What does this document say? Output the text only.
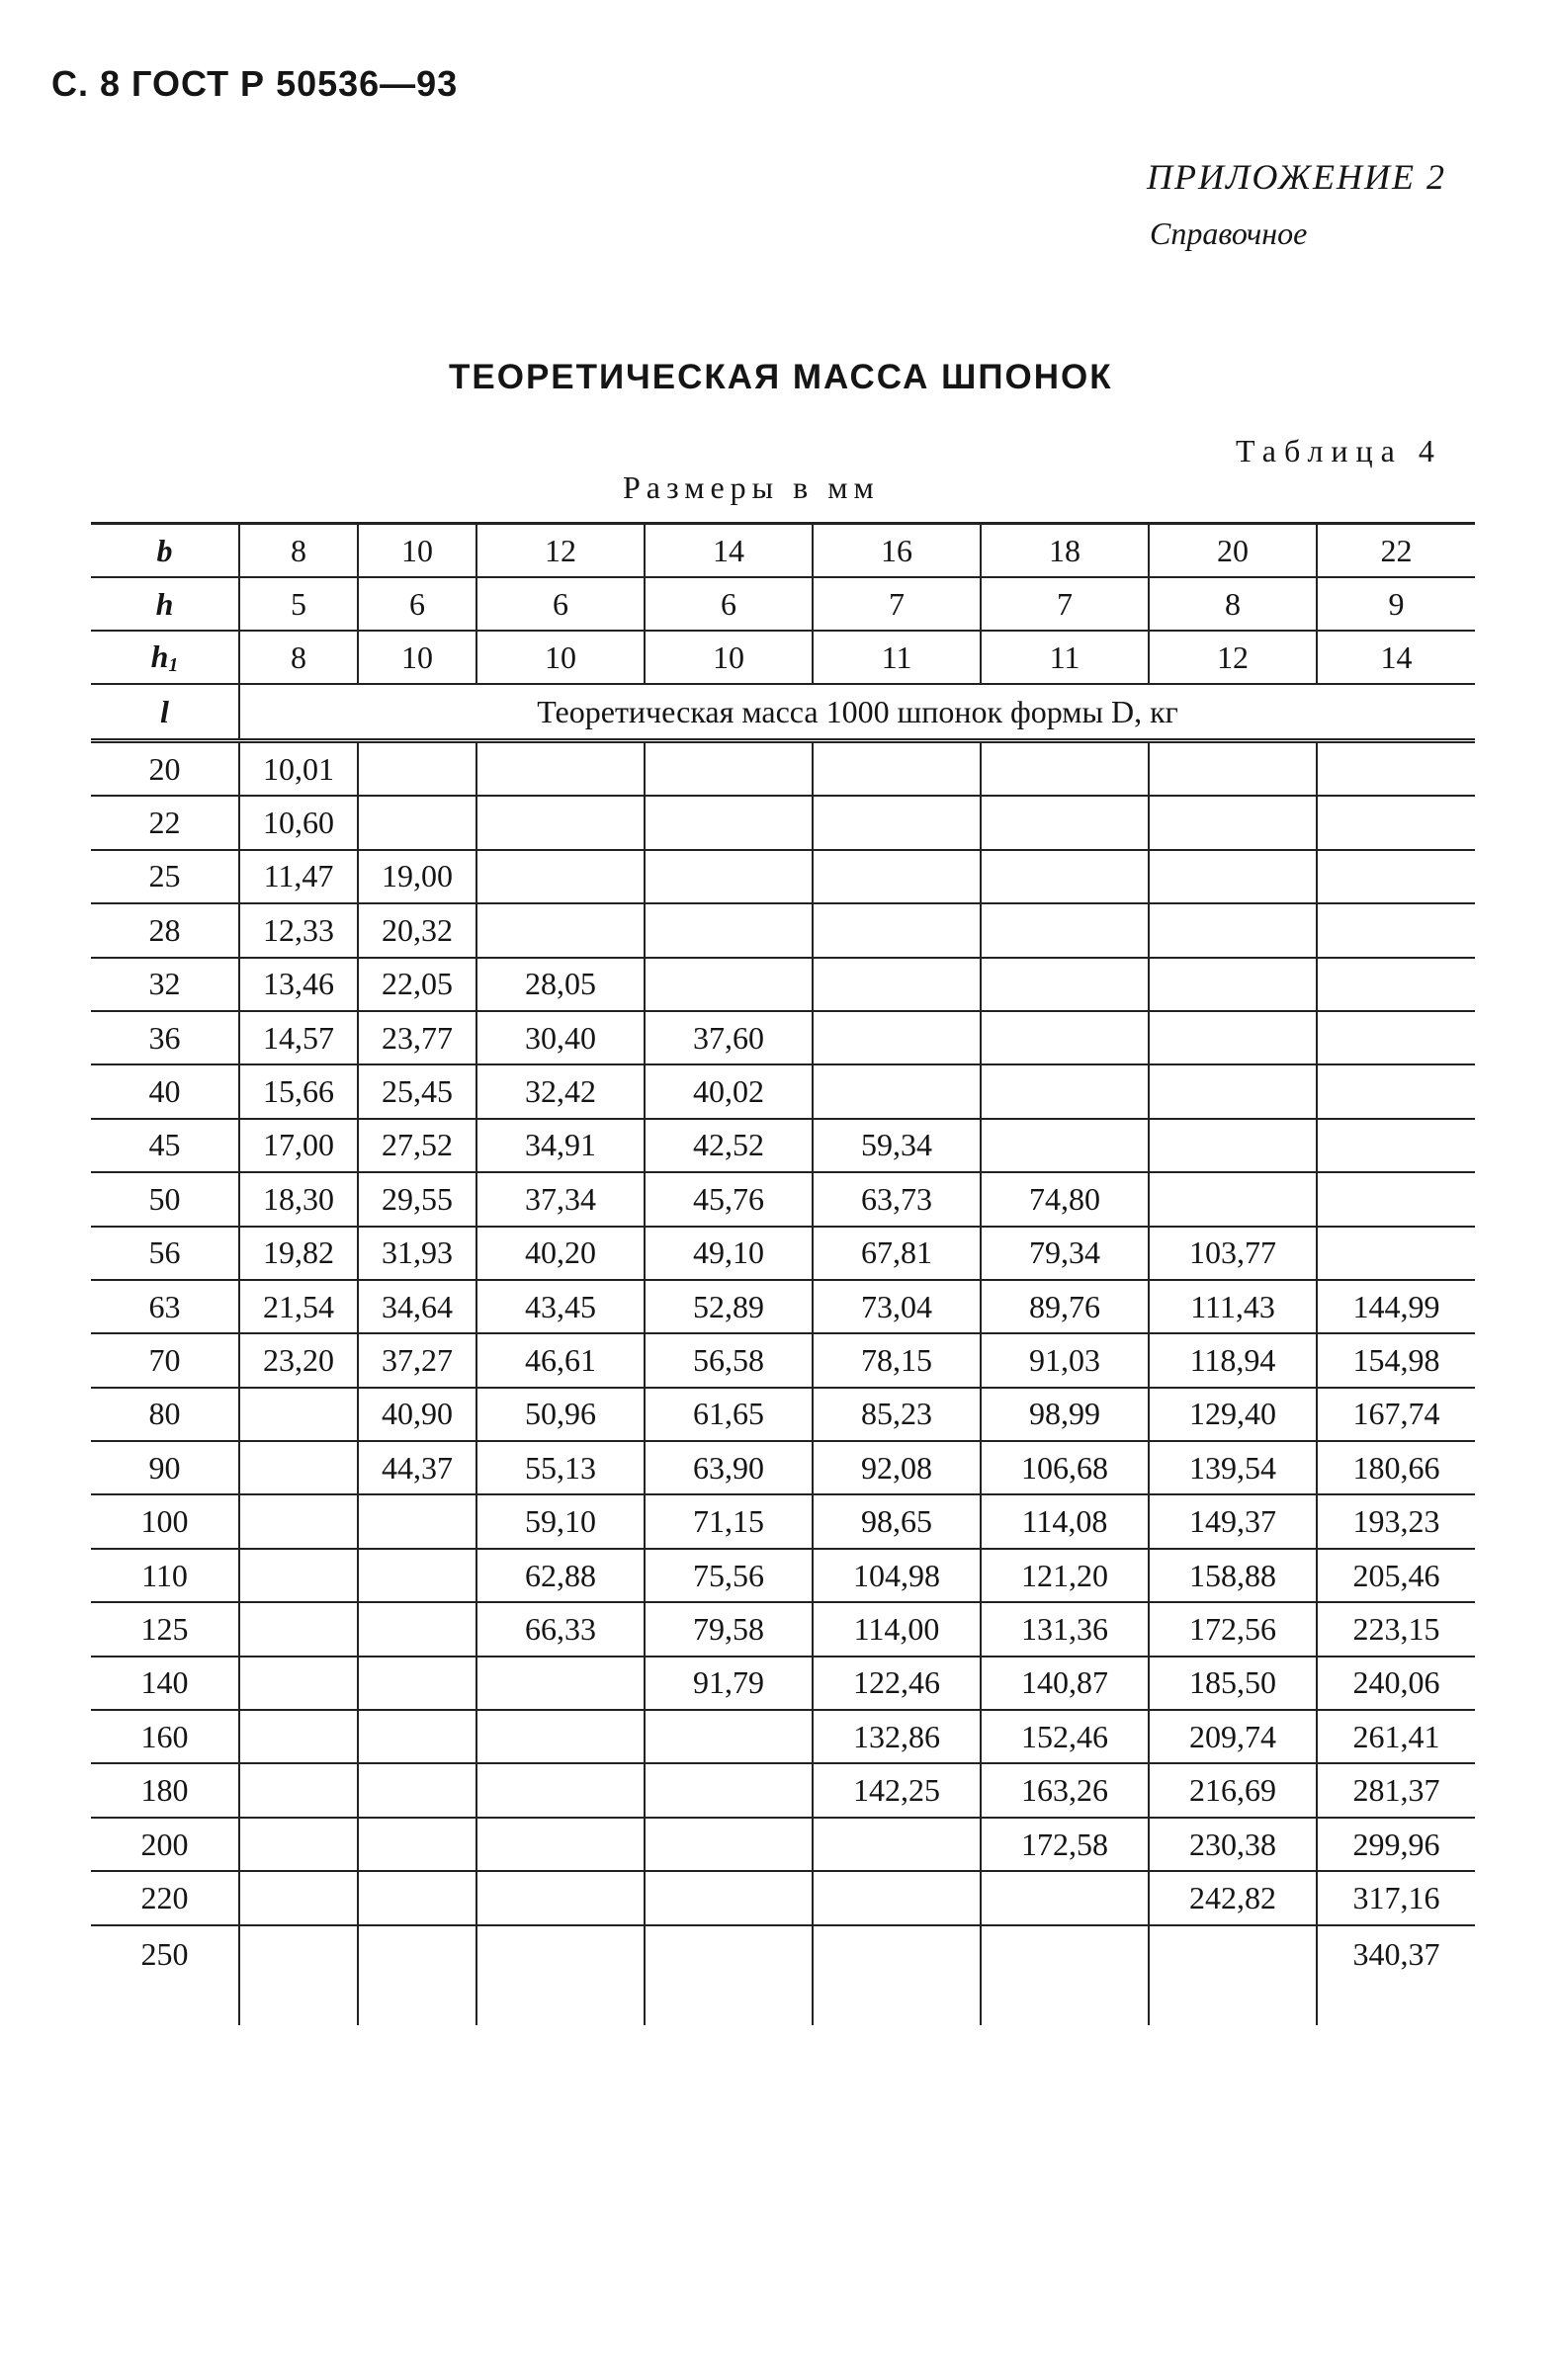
С. 8 ГОСТ Р 50536—93
ПРИЛОЖЕНИЕ 2
Справочное
ТЕОРЕТИЧЕСКАЯ МАССА ШПОНОК
Таблица 4
Размеры в мм
b	8	10	12	14	16	18	20	22
h	5	6	6	6	7	7	8	9
$h_1$	8	10	10	10	11	11	12	14
l	Теоретическая масса 1000 шпонок формы D, кг							
20	10,01							
22	10,60							
25	11,47	19,00						
28	12,33	20,32						
32	13,46	22,05	28,05					
36	14,57	23,77	30,40	37,60				
40	15,66	25,45	32,42	40,02				
45	17,00	27,52	34,91	42,52	59,34			
50	18,30	29,55	37,34	45,76	63,73	74,80		
56	19,82	31,93	40,20	49,10	67,81	79,34	103,77	
63	21,54	34,64	43,45	52,89	73,04	89,76	111,43	144,99
70	23,20	37,27	46,61	56,58	78,15	91,03	118,94	154,98
80		40,90	50,96	61,65	85,23	98,99	129,40	167,74
90		44,37	55,13	63,90	92,08	106,68	139,54	180,66
100			59,10	71,15	98,65	114,08	149,37	193,23
110			62,88	75,56	104,98	121,20	158,88	205,46
125			66,33	79,58	114,00	131,36	172,56	223,15
140				91,79	122,46	140,87	185,50	240,06
160					132,86	152,46	209,74	261,41
180					142,25	163,26	216,69	281,37
200						172,58	230,38	299,96
220							242,82	317,16
250								340,37
